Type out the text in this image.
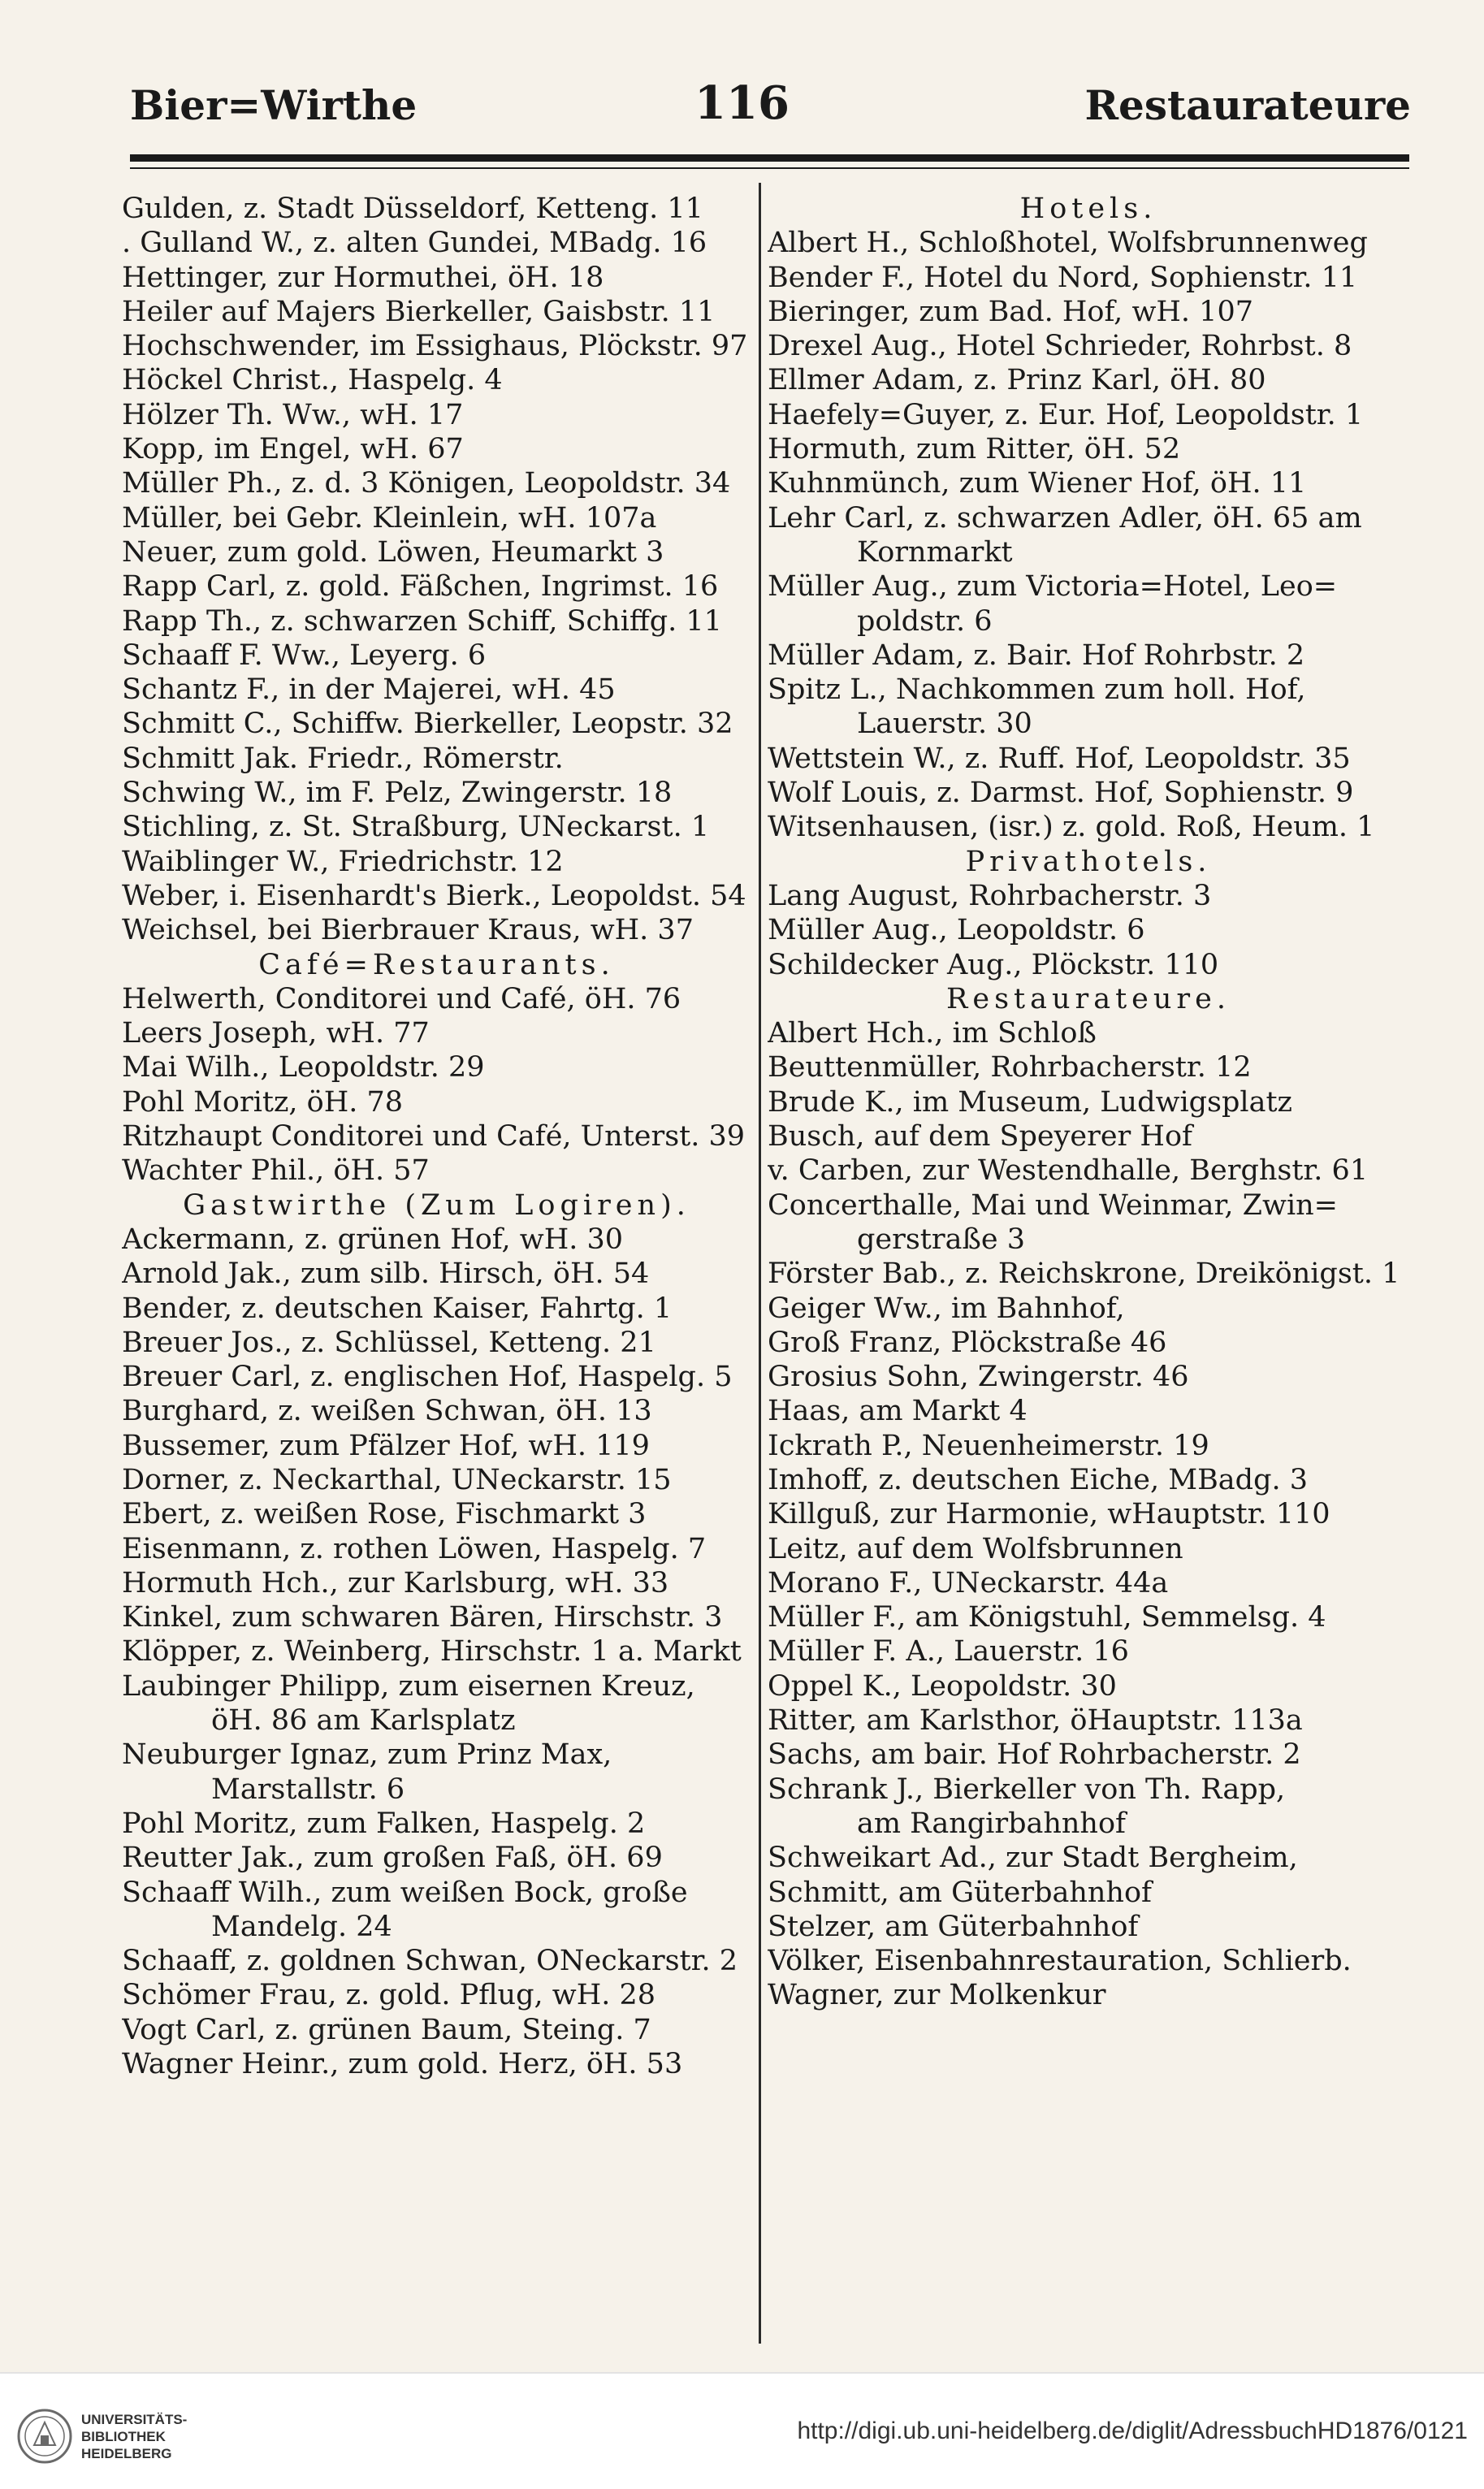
Bier=Wirthe	116	Restaurateure
Gulden, z. Stadt Düsseldorf, Ketteng. 11
. Gulland W., z. alten Gundei, MBadg. 16
Hettinger, zur Hormuthei, öH. 18
Heiler auf Majers Bierkeller, Gaisbstr. 11
Hochschwender, im Essighaus, Plöckstr. 97
Höckel Christ., Haspelg. 4
Hölzer Th. Ww., wH. 17
Kopp, im Engel, wH. 67
Müller Ph., z. d. 3 Königen, Leopoldstr. 34
Müller, bei Gebr. Kleinlein, wH. 107a
Neuer, zum gold. Löwen, Heumarkt 3
Rapp Carl, z. gold. Fäßchen, Ingrimst. 16
Rapp Th., z. schwarzen Schiff, Schiffg. 11
Schaaff F. Ww., Leyerg. 6
Schantz F., in der Majerei, wH. 45
Schmitt C., Schiffw. Bierkeller, Leopstr. 32
Schmitt Jak. Friedr., Römerstr.
Schwing W., im F. Pelz, Zwingerstr. 18
Stichling, z. St. Straßburg, UNeckarst. 1
Waiblinger W., Friedrichstr. 12
Weber, i. Eisenhardt's Bierk., Leopoldst. 54
Weichsel, bei Bierbrauer Kraus, wH. 37
Café=Restaurants.
Helwerth, Conditorei und Café, öH. 76
Leers Joseph, wH. 77
Mai Wilh., Leopoldstr. 29
Pohl Moritz, öH. 78
Ritzhaupt Conditorei und Café, Unterst. 39
Wachter Phil., öH. 57
Gastwirthe (Zum Logiren).
Ackermann, z. grünen Hof, wH. 30
Arnold Jak., zum silb. Hirsch, öH. 54
Bender, z. deutschen Kaiser, Fahrtg. 1
Breuer Jos., z. Schlüssel, Ketteng. 21
Breuer Carl, z. englischen Hof, Haspelg. 5
Burghard, z. weißen Schwan, öH. 13
Bussemer, zum Pfälzer Hof, wH. 119
Dorner, z. Neckarthal, UNeckarstr. 15
Ebert, z. weißen Rose, Fischmarkt 3
Eisenmann, z. rothen Löwen, Haspelg. 7
Hormuth Hch., zur Karlsburg, wH. 33
Kinkel, zum schwaren Bären, Hirschstr. 3
Klöpper, z. Weinberg, Hirschstr. 1 a. Markt
Laubinger Philipp, zum eisernen Kreuz,
öH. 86 am Karlsplatz
Neuburger Ignaz, zum Prinz Max,
Marstallstr. 6
Pohl Moritz, zum Falken, Haspelg. 2
Reutter Jak., zum großen Faß, öH. 69
Schaaff Wilh., zum weißen Bock, große
Mandelg. 24
Schaaff, z. goldnen Schwan, ONeckarstr. 2
Schömer Frau, z. gold. Pflug, wH. 28
Vogt Carl, z. grünen Baum, Steing. 7
Wagner Heinr., zum gold. Herz, öH. 53
Hotels.
Albert H., Schloßhotel, Wolfsbrunnenweg
Bender F., Hotel du Nord, Sophienstr. 11
Bieringer, zum Bad. Hof, wH. 107
Drexel Aug., Hotel Schrieder, Rohrbst. 8
Ellmer Adam, z. Prinz Karl, öH. 80
Haefely=Guyer, z. Eur. Hof, Leopoldstr. 1
Hormuth, zum Ritter, öH. 52
Kuhnmünch, zum Wiener Hof, öH. 11
Lehr Carl, z. schwarzen Adler, öH. 65 am
Kornmarkt
Müller Aug., zum Victoria=Hotel, Leo=
poldstr. 6
Müller Adam, z. Bair. Hof Rohrbstr. 2
Spitz L., Nachkommen zum holl. Hof,
Lauerstr. 30
Wettstein W., z. Ruff. Hof, Leopoldstr. 35
Wolf Louis, z. Darmst. Hof, Sophienstr. 9
Witsenhausen, (isr.) z. gold. Roß, Heum. 1
Privathotels.
Lang August, Rohrbacherstr. 3
Müller Aug., Leopoldstr. 6
Schildecker Aug., Plöckstr. 110
Restaurateure.
Albert Hch., im Schloß
Beuttenmüller, Rohrbacherstr. 12
Brude K., im Museum, Ludwigsplatz
Busch, auf dem Speyerer Hof
v. Carben, zur Westendhalle, Berghstr. 61
Concerthalle, Mai und Weinmar, Zwin=
gerstraße 3
Förster Bab., z. Reichskrone, Dreikönigst. 1
Geiger Ww., im Bahnhof,
Groß Franz, Plöckstraße 46
Grosius Sohn, Zwingerstr. 46
Haas, am Markt 4
Ickrath P., Neuenheimerstr. 19
Imhoff, z. deutschen Eiche, MBadg. 3
Killguß, zur Harmonie, wHauptstr. 110
Leitz, auf dem Wolfsbrunnen
Morano F., UNeckarstr. 44a
Müller F., am Königstuhl, Semmelsg. 4
Müller F. A., Lauerstr. 16
Oppel K., Leopoldstr. 30
Ritter, am Karlsthor, öHauptstr. 113a
Sachs, am bair. Hof Rohrbacherstr. 2
Schrank J., Bierkeller von Th. Rapp,
am Rangirbahnhof
Schweikart Ad., zur Stadt Bergheim,
Schmitt, am Güterbahnhof
Stelzer, am Güterbahnhof
Völker, Eisenbahnrestauration, Schlierb.
Wagner, zur Molkenkur
UNIVERSITÄTS-
BIBLIOTHEK
HEIDELBERG
http://digi.ub.uni-heidelberg.de/diglit/AdressbuchHD1876/0121
